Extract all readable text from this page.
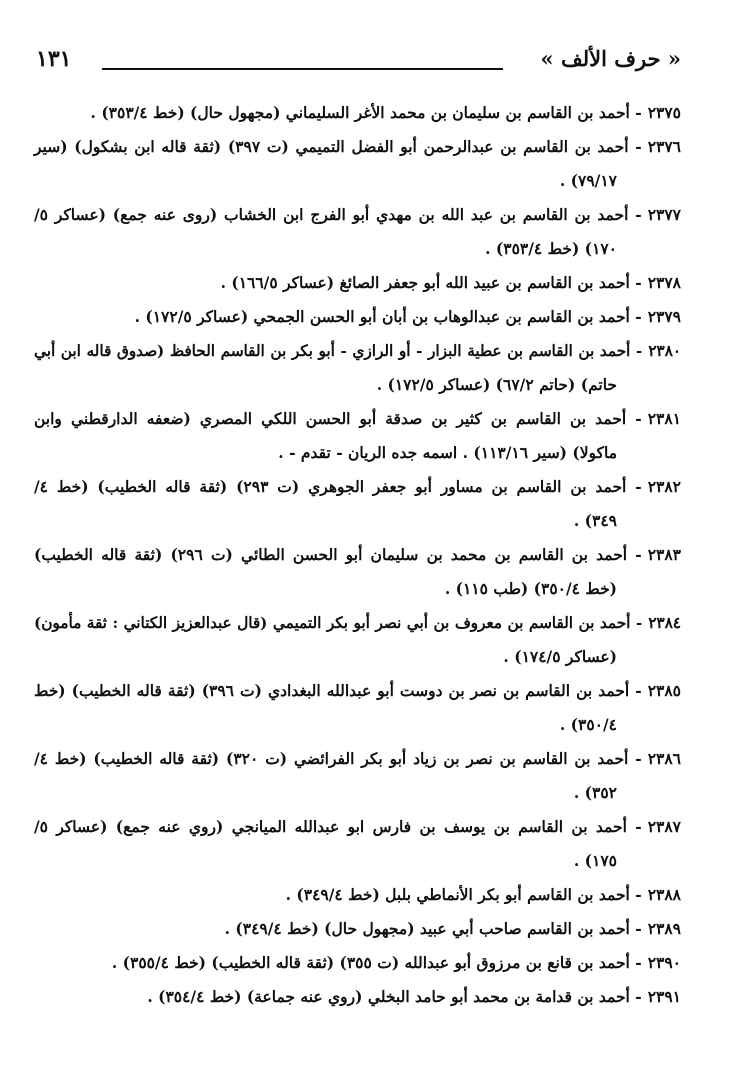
١٣١	« حرف الألف »
٢٣٧٥- أحمد بن القاسم بن سليمان بن محمد الأغر السليماني (مجهول حال) (خط ٣٥٣/٤) .
٢٣٧٦- أحمد بن القاسم بن عبدالرحمن أبو الفضل التميمي (ت ٣٩٧) (ثقة قاله ابن بشكول) (سير
٧٩/١٧) .
٢٣٧٧- أحمد بن القاسم بن عبد الله بن مهدي أبو الفرج ابن الخشاب (روى عنه جمع) (عساكر ٥/
١٧٠) (خط ٣٥٣/٤) .
٢٣٧٨- أحمد بن القاسم بن عبيد الله أبو جعفر الصائغ (عساكر ١٦٦/٥) .
٢٣٧٩- أحمد بن القاسم بن عبدالوهاب بن أبان أبو الحسن الجمحي (عساكر ١٧٢/٥) .
٢٣٨٠- أحمد بن القاسم بن عطية البزار - أو الرازي - أبو بكر بن القاسم الحافظ (صدوق قاله ابن أبي
حاتم) (حاتم ٦٧/٢) (عساكر ١٧٢/٥) .
٢٣٨١- أحمد بن القاسم بن كثير بن صدقة أبو الحسن اللكي المصري (ضعفه الدارقطني وابن
ماكولا) (سير ١١٣/١٦) . اسمه جده الريان - تقدم - .
٢٣٨٢- أحمد بن القاسم بن مساور أبو جعفر الجوهري (ت ٢٩٣) (ثقة قاله الخطيب) (خط ٤/
٣٤٩) .
٢٣٨٣- أحمد بن القاسم بن محمد بن سليمان أبو الحسن الطائي (ت ٢٩٦) (ثقة قاله الخطيب)
(خط ٣٥٠/٤) (طب ١١٥) .
٢٣٨٤- أحمد بن القاسم بن معروف بن أبي نصر أبو بكر التميمي (قال عبدالعزيز الكتاني : ثقة مأمون)
(عساكر ١٧٤/٥) .
٢٣٨٥- أحمد بن القاسم بن نصر بن دوست أبو عبدالله البغدادي (ت ٣٩٦) (ثقة قاله الخطيب) (خط
٣٥٠/٤) .
٢٣٨٦- أحمد بن القاسم بن نصر بن زياد أبو بكر الفرائضي (ت ٣٢٠) (ثقة قاله الخطيب) (خط ٤/
٣٥٢) .
٢٣٨٧- أحمد بن القاسم بن يوسف بن فارس ابو عبدالله الميانجي (روي عنه جمع) (عساكر ٥/
١٧٥) .
٢٣٨٨- أحمد بن القاسم أبو بكر الأنماطي بلبل (خط ٣٤٩/٤) .
٢٣٨٩- أحمد بن القاسم صاحب أبي عبيد (مجهول حال) (خط ٣٤٩/٤) .
٢٣٩٠- أحمد بن قانع بن مرزوق أبو عبدالله (ت ٣٥٥) (ثقة قاله الخطيب) (خط ٣٥٥/٤) .
٢٣٩١- أحمد بن قدامة بن محمد أبو حامد البخلي (روي عنه جماعة) (خط ٣٥٤/٤) .
